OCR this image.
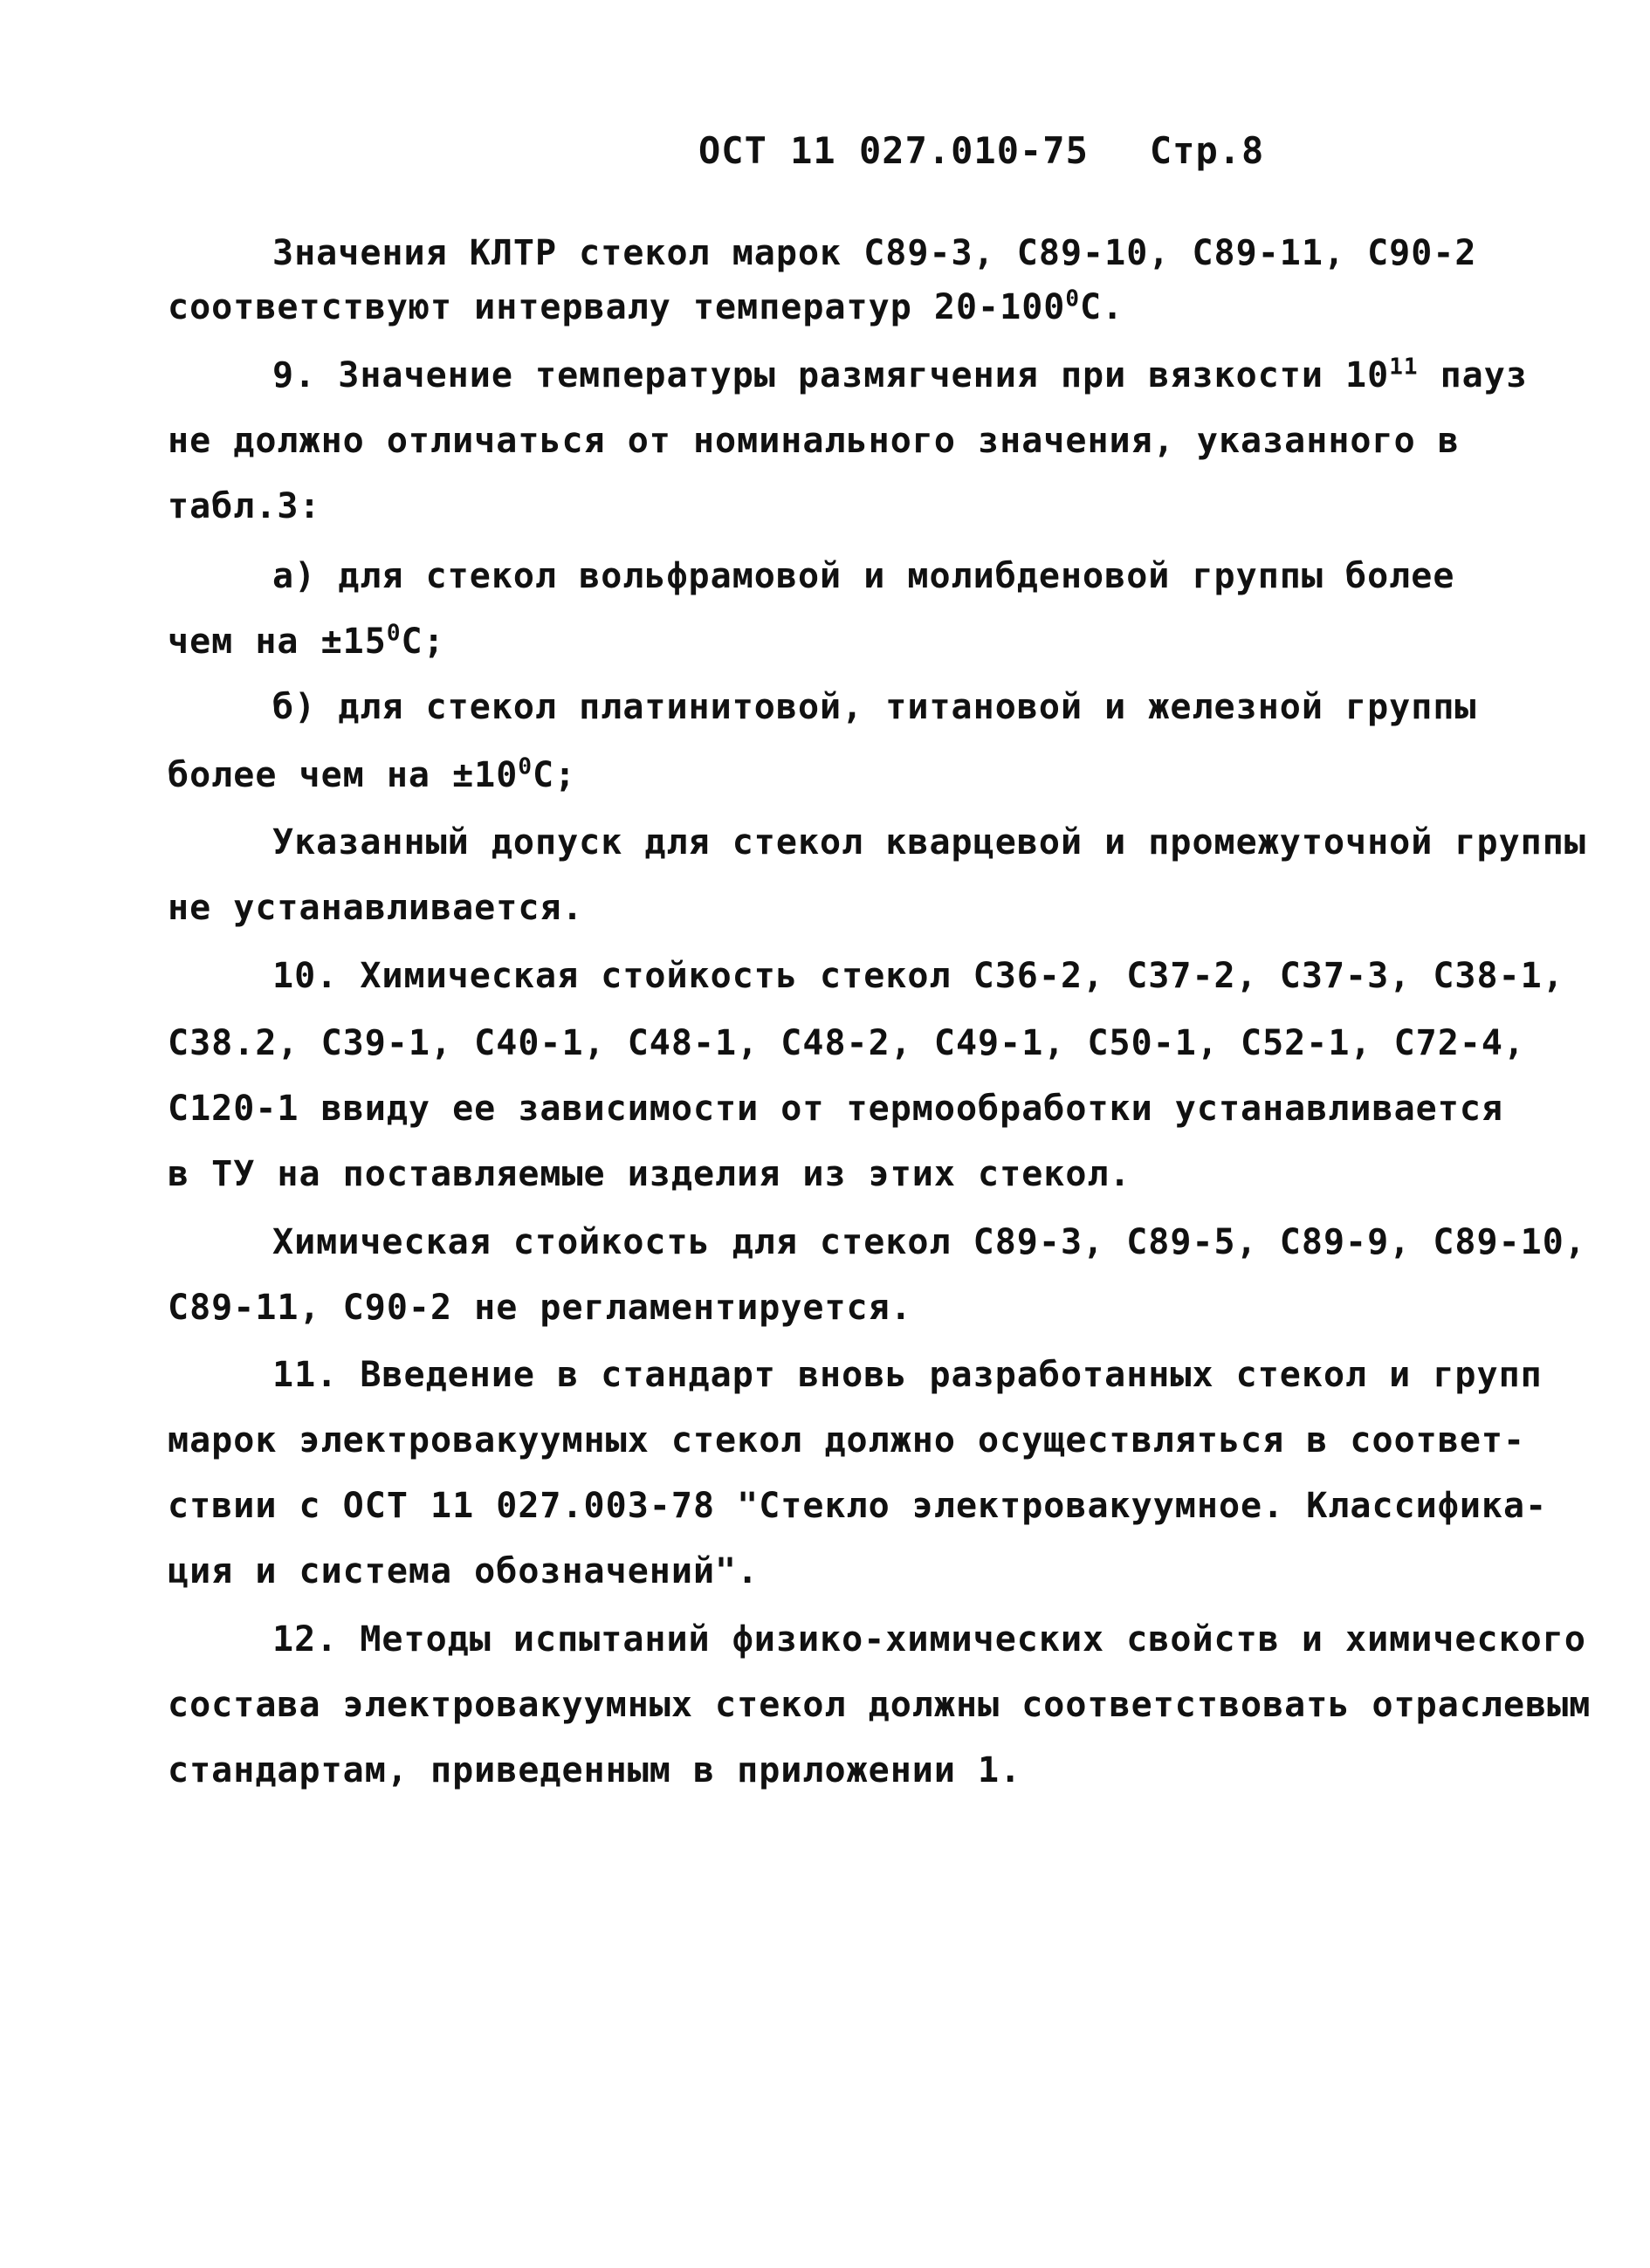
ОСТ 11 027.010-75 Стр.8
Значения КЛТР стекол марок С89-3, С89-10, С89-11, С90-2
соответствуют интервалу температур $20-100^0С$.
9. Значение температуры размягчения при вязкости $10^{11}$ пауз
не должно отличаться от номинального значения, указанного в
табл.3:
а) для стекол вольфрамовой и молибденовой группы более
чем на $\pm 15^0С$;
б) для стекол платинитовой, титановой и железной группы
более чем на $\pm 10^0С$;
Указанный допуск для стекол кварцевой и промежуточной группы
не устанавливается.
10. Химическая стойкость стекол С36-2, С37-2, С37-3, С38-1,
С38.2, С39-1, С40-1, С48-1, С48-2, С49-1, С50-1, С52-1, С72-4,
С120-1 ввиду ее зависимости от термообработки устанавливается
в ТУ на поставляемые изделия из этих стекол.
Химическая стойкость для стекол С89-3, С89-5, С89-9, С89-10,
С89-11, С90-2 не регламентируется.
11. Введение в стандарт вновь разработанных стекол и групп
марок электровакуумных стекол должно осуществляться в соответ-
ствии с ОСТ 11 027.003-78 "Стекло электровакуумное. Классифика-
ция и система обозначений".
12. Методы испытаний физико-химических свойств и химического
состава электровакуумных стекол должны соответствовать отраслевым
стандартам, приведенным в приложении 1.
